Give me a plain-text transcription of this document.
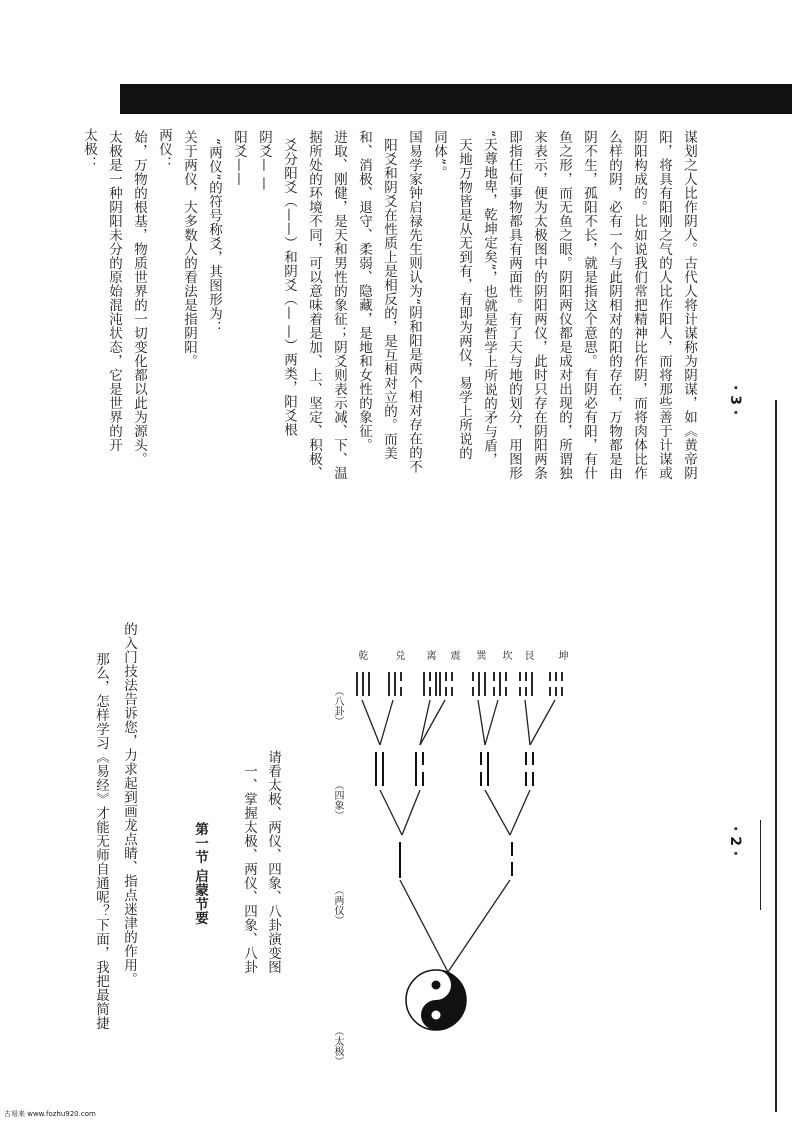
那么，怎样学习《易经》才能无师自通呢？下面，我把最简捷 的入门技法告诉您，力求起到画龙点睛、指点迷津的作用。	第一节 启蒙节要	一、掌握太极、两仪、四象、八卦 请看太极、两仪、四象、八卦演变图
太极： 太极是一种阴阳未分的原始混沌状态，它是世界的开 始，万物的根基，物质世界的一切变化都以此为源头。 两仪： 关于两仪，大多数人的看法是指阴阳。 “两仪”的符号称爻，其图形为： 阳爻—— 阴爻— — 爻分阳爻（——）和阴爻（— —）两类，阳爻根 据所处的环境不同，可以意味着是加、上、坚定、积极、 进取、刚健，是天和男性的象征；阴爻则表示减、下、温 和、消极、退守、柔弱、隐藏，是地和女性的象征。 阳爻和阴爻在性质上是相反的，是互相对立的。而美 国易学家钟启禄先生则认为“阴和阳是两个相对存在的不 同体”。 天地万物皆是从无到有，有即为两仪，易学上所说的 “天尊地卑，乾坤定矣”，也就是哲学上所说的矛与盾， 即指任何事物都具有两面性。有了天与地的划分，用图形 来表示，便为太极图中的阴阳两仪，此时只存在阴阳两条 鱼之形，而无鱼之眼。阴阳两仪都是成对出现的，所谓独 阴不生，孤阳不长，就是指这个意思。有阴必有阳，有什 么样的阴，必有一个与此阴相对的阳的存在，万物都是由 阴阳构成的。比如说我们常把精神比作阴，而将肉体比作 阳，将具有阳刚之气的人比作阳人，而将那些善于计谋或 谋划之人比作阴人。古代人将计谋称为阴谋，如《黄帝阴
· 2 ·
· 3 ·
（太极）
（两仪）
（四象）
（八卦）
乾	兑 离 震 巽 坎 艮 坤
古易来 www.fozhu920.com
